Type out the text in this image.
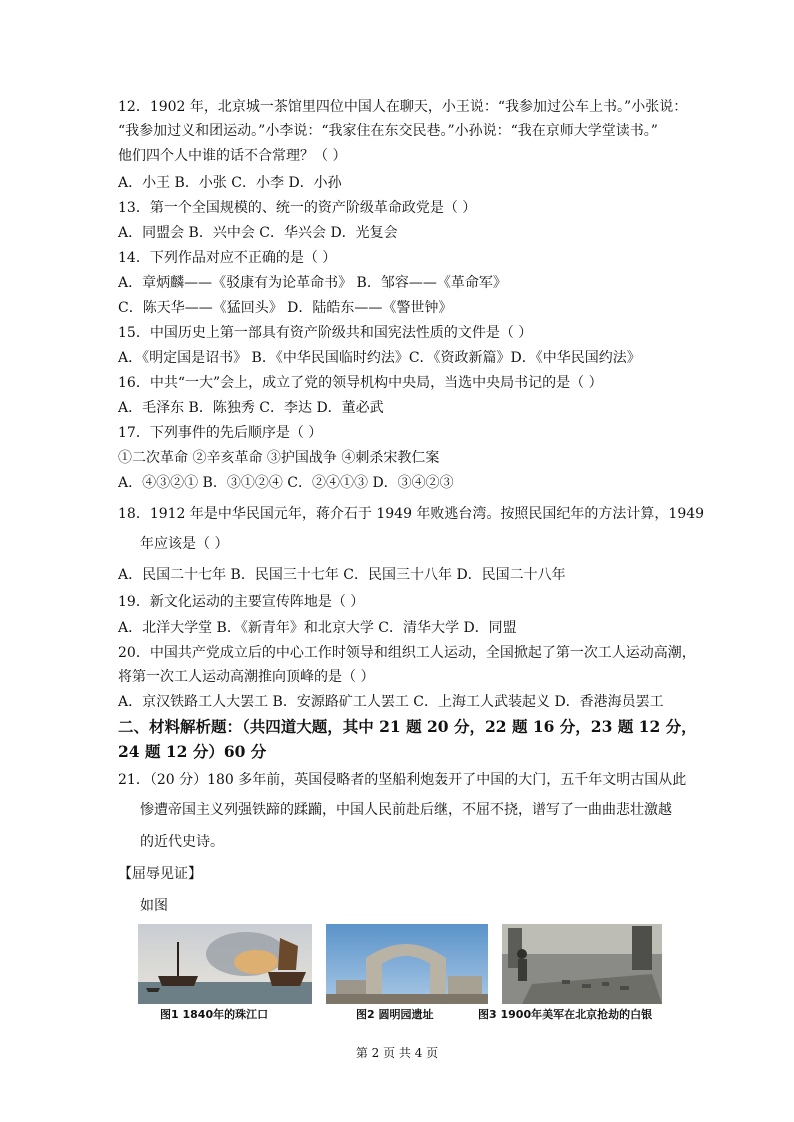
12．1902 年，北京城一茶馆里四位中国人在聊天，小王说：“我参加过公车上书。”小张说：
“我参加过义和团运动。”小李说：“我家住在东交民巷。”小孙说：“我在京师大学堂读书。”
他们四个人中谁的话不合常理？（ ）
A．小王 B．小张 C．小李 D．小孙
13．第一个全国规模的、统一的资产阶级革命政党是（ ）
A．同盟会 B．兴中会 C．华兴会 D．光复会
14．下列作品对应不正确的是（ ）
A．章炳麟——《驳康有为论革命书》 B．邹容——《革命军》
C．陈天华——《猛回头》 D．陆皓东——《警世钟》
15．中国历史上第一部具有资产阶级共和国宪法性质的文件是（ ）
A．《明定国是诏书》 B．《中华民国临时约法》C．《资政新篇》D．《中华民国约法》
16．中共“一大”会上，成立了党的领导机构中央局，当选中央局书记的是（ ）
A．毛泽东 B．陈独秀 C．李达 D．董必武
17．下列事件的先后顺序是（ ）
①二次革命 ②辛亥革命 ③护国战争 ④刺杀宋教仁案
A．④③②① B．③①②④ C．②④①③ D．③④②③
18．1912 年是中华民国元年，蒋介石于 1949 年败逃台湾。按照民国纪年的方法计算，1949
年应该是（ ）
A．民国二十七年 B．民国三十七年 C．民国三十八年 D．民国二十八年
19．新文化运动的主要宣传阵地是（ ）
A．北洋大学堂 B．《新青年》和北京大学 C．清华大学 D．同盟
20．中国共产党成立后的中心工作时领导和组织工人运动，全国掀起了第一次工人运动高潮，
将第一次工人运动高潮推向顶峰的是（ ）
A．京汉铁路工人大罢工 B．安源路矿工人罢工 C．上海工人武装起义 D．香港海员罢工
二、材料解析题：（共四道大题，其中 21 题 20 分，22 题 16 分，23 题 12 分，
24 题 12 分）60 分
21．（20 分）180 多年前，英国侵略者的坚船利炮轰开了中国的大门，五千年文明古国从此
惨遭帝国主义列强铁蹄的蹂躏，中国人民前赴后继，不屈不挠，谱写了一曲曲悲壮激越
的近代史诗。
【屈辱见证】
如图
图1 1840年的珠江口	图2 圆明园遗址	图3 1900年美军在北京抢劫的白银
第 2 页 共 4 页
